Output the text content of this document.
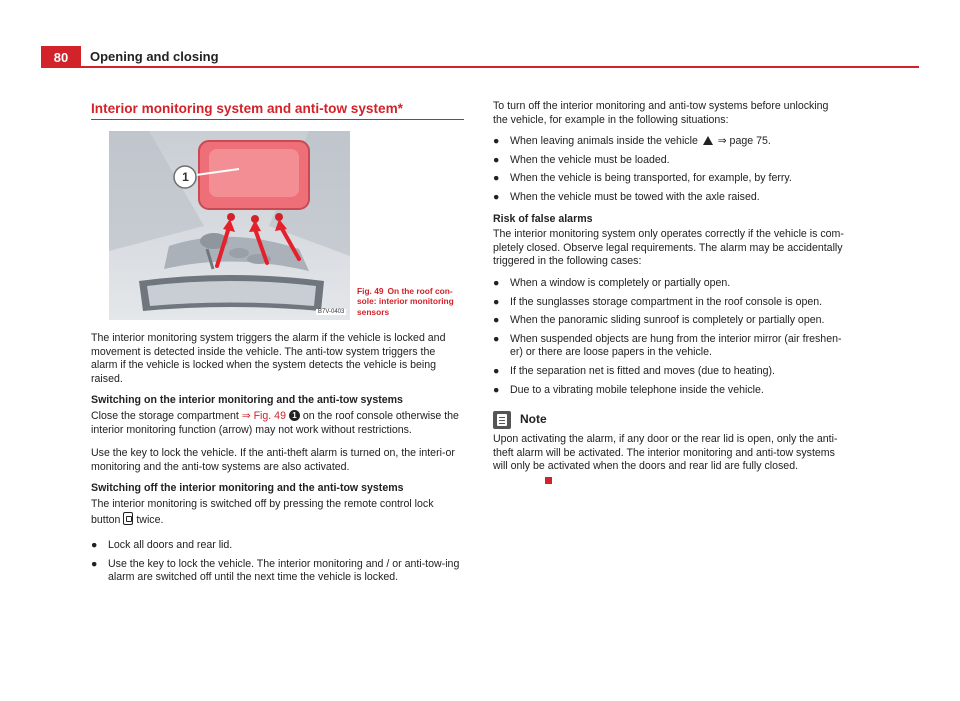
80	Opening and closing
Interior monitoring system and anti-tow system*
1
B7V-0403
Fig. 49 On the roof con-sole: interior monitoring sensors

The interior monitoring system triggers the alarm if the vehicle is locked and movement is detected inside the vehicle. The anti-tow system triggers the alarm if the vehicle is locked when the system detects the vehicle is being raised.

Switching on the interior monitoring and the anti-tow systems

Close the storage compartment ⇒ Fig. 49 1 on the roof console otherwise the interior monitoring function (arrow) may not work without restrictions.

Use the key to lock the vehicle. If the anti-theft alarm is turned on, the interi-or monitoring and the anti-tow systems are also activated.

Switching off the interior monitoring and the anti-tow systems

The interior monitoring is switched off by pressing the remote control lock button  twice.

● Lock all doors and rear lid.
● Use the key to lock the vehicle. The interior monitoring and / or anti-tow-ing alarm are switched off until the next time the vehicle is locked.

To turn off the interior monitoring and anti-tow systems before unlocking the vehicle, for example in the following situations:

● When leaving animals inside the vehicle  ⇒ page 75.
● When the vehicle must be loaded.
● When the vehicle is being transported, for example, by ferry.
● When the vehicle must be towed with the axle raised.
Risk of false alarms

The interior monitoring system only operates correctly if the vehicle is com-pletely closed. Observe legal requirements. The alarm may be accidentally triggered in the following cases:

● When a window is completely or partially open.
● If the sunglasses storage compartment in the roof console is open.
● When the panoramic sliding sunroof is completely or partially open.
● When suspended objects are hung from the interior mirror (air freshen-er) or there are loose papers in the vehicle.
● If the separation net is fitted and moves (due to heating).
● Due to a vibrating mobile telephone inside the vehicle.
Note

Upon activating the alarm, if any door or the rear lid is open, only the anti-theft alarm will be activated. The interior monitoring and anti-tow systems will only be activated when the doors and rear lid are fully closed.
